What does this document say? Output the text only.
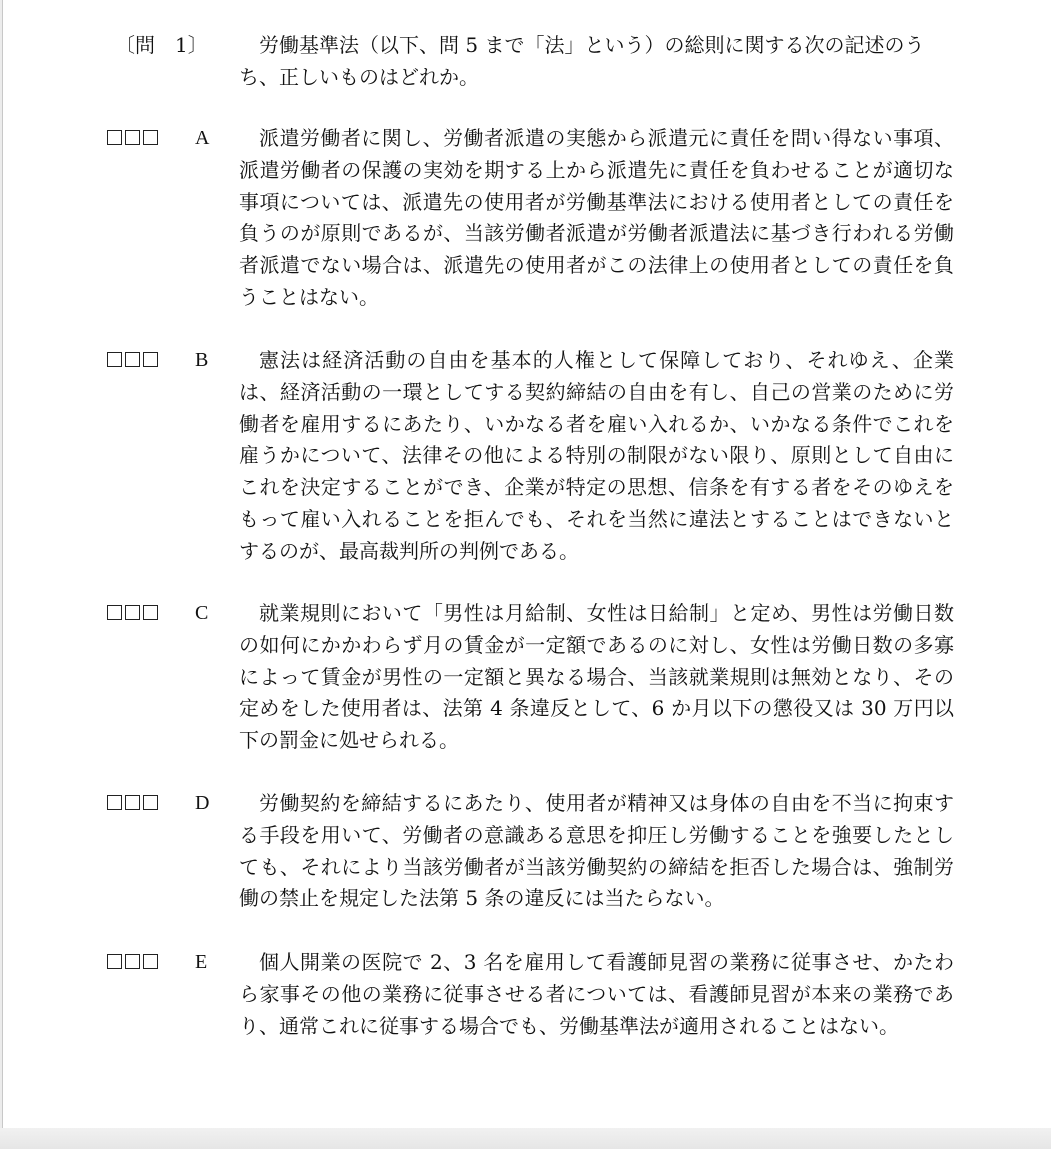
〔問　1〕	労働基準法（以下、問 5 まで「法」という）の総則に関する次の記述のうち、正しいものはどれか。
A	派遣労働者に関し、労働者派遣の実態から派遣元に責任を問い得ない事項、派遣労働者の保護の実効を期する上から派遣先に責任を負わせることが適切な事項については、派遣先の使用者が労働基準法における使用者としての責任を負うのが原則であるが、当該労働者派遣が労働者派遣法に基づき行われる労働者派遣でない場合は、派遣先の使用者がこの法律上の使用者としての責任を負うことはない。
B	憲法は経済活動の自由を基本的人権として保障しており、それゆえ、企業は、経済活動の一環としてする契約締結の自由を有し、自己の営業のために労働者を雇用するにあたり、いかなる者を雇い入れるか、いかなる条件でこれを雇うかについて、法律その他による特別の制限がない限り、原則として自由にこれを決定することができ、企業が特定の思想、信条を有する者をそのゆえをもって雇い入れることを拒んでも、それを当然に違法とすることはできないとするのが、最高裁判所の判例である。
C	就業規則において「男性は月給制、女性は日給制」と定め、男性は労働日数の如何にかかわらず月の賃金が一定額であるのに対し、女性は労働日数の多寡によって賃金が男性の一定額と異なる場合、当該就業規則は無効となり、その定めをした使用者は、法第 4 条違反として、6 か月以下の懲役又は 30 万円以下の罰金に処せられる。
D	労働契約を締結するにあたり、使用者が精神又は身体の自由を不当に拘束する手段を用いて、労働者の意識ある意思を抑圧し労働することを強要したとしても、それにより当該労働者が当該労働契約の締結を拒否した場合は、強制労働の禁止を規定した法第 5 条の違反には当たらない。
E	個人開業の医院で 2、3 名を雇用して看護師見習の業務に従事させ、かたわら家事その他の業務に従事させる者については、看護師見習が本来の業務であり、通常これに従事する場合でも、労働基準法が適用されることはない。
